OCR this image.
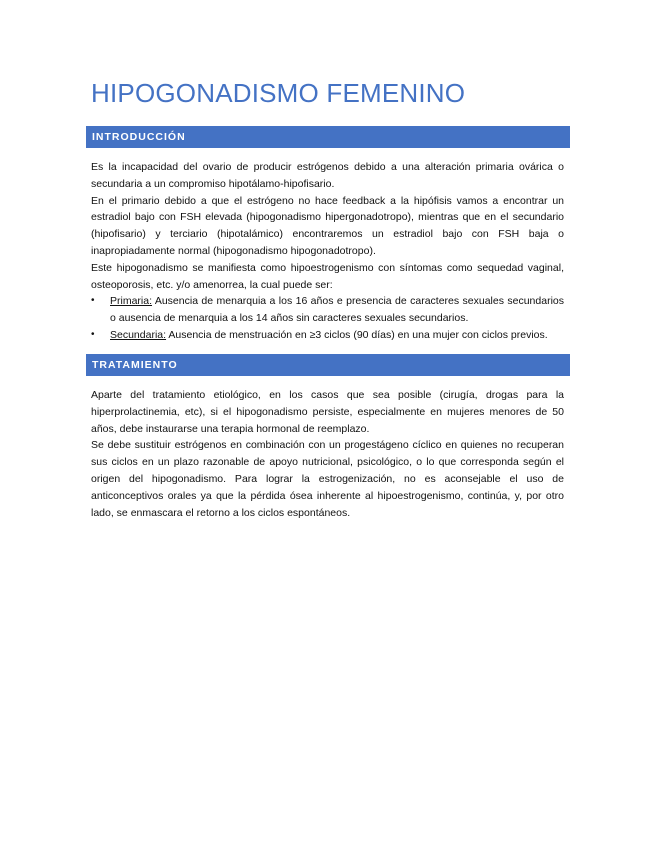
HIPOGONADISMO FEMENINO
INTRODUCCIÓN

Es la incapacidad del ovario de producir estrógenos debido a una alteración primaria ovárica o secundaria a un compromiso hipotálamo-hipofisario.

En el primario debido a que el estrógeno no hace feedback a la hipófisis vamos a encontrar un estradiol bajo con FSH elevada (hipogonadismo hipergonadotropo), mientras que en el secundario (hipofisario) y terciario (hipotalámico) encontraremos un estradiol bajo con FSH baja o inapropiadamente normal (hipogonadismo hipogonadotropo).

Este hipogonadismo se manifiesta como hipoestrogenismo con síntomas como sequedad vaginal, osteoporosis, etc. y/o amenorrea, la cual puede ser:

• Primaria: Ausencia de menarquia a los 16 años e presencia de caracteres sexuales secundarios o ausencia de menarquia a los 14 años sin caracteres sexuales secundarios.

• Secundaria: Ausencia de menstruación en ≥3 ciclos (90 días) en una mujer con ciclos previos.

TRATAMIENTO

Aparte del tratamiento etiológico, en los casos que sea posible (cirugía, drogas para la hiperprolactinemia, etc), si el hipogonadismo persiste, especialmente en mujeres menores de 50 años, debe instaurarse una terapia hormonal de reemplazo.

Se debe sustituir estrógenos en combinación con un progestágeno cíclico en quienes no recuperan sus ciclos en un plazo razonable de apoyo nutricional, psicológico, o lo que corresponda según el origen del hipogonadismo. Para lograr la estrogenización, no es aconsejable el uso de anticonceptivos orales ya que la pérdida ósea inherente al hipoestrogenismo, continúa, y, por otro lado, se enmascara el retorno a los ciclos espontáneos.
